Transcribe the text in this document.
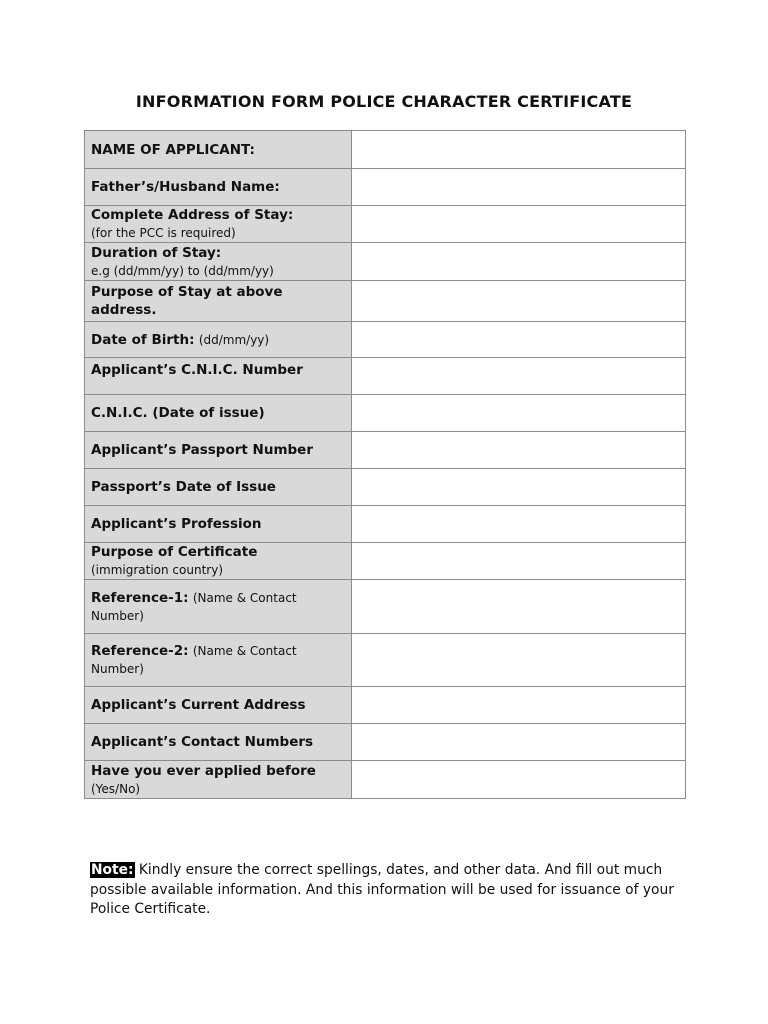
INFORMATION FORM POLICE CHARACTER CERTIFICATE
NAME OF APPLICANT:	
Father’s/Husband Name:	
Complete Address of Stay:
(for the PCC is required)	
Duration of Stay:
e.g (dd/mm/yy) to (dd/mm/yy)	
Purpose of Stay at above address.	
Date of Birth: (dd/mm/yy)	
Applicant’s C.N.I.C. Number	
C.N.I.C. (Date of issue)	
Applicant’s Passport Number	
Passport’s Date of Issue	
Applicant’s Profession	
Purpose of Certificate
(immigration country)	
Reference-1: (Name & Contact Number)	
Reference-2: (Name & Contact Number)	
Applicant’s Current Address	
Applicant’s Contact Numbers	
Have you ever applied before
(Yes/No)	
Note: Kindly ensure the correct spellings, dates, and other data. And fill out much possible available information. And this information will be used for issuance of your Police Certificate.
